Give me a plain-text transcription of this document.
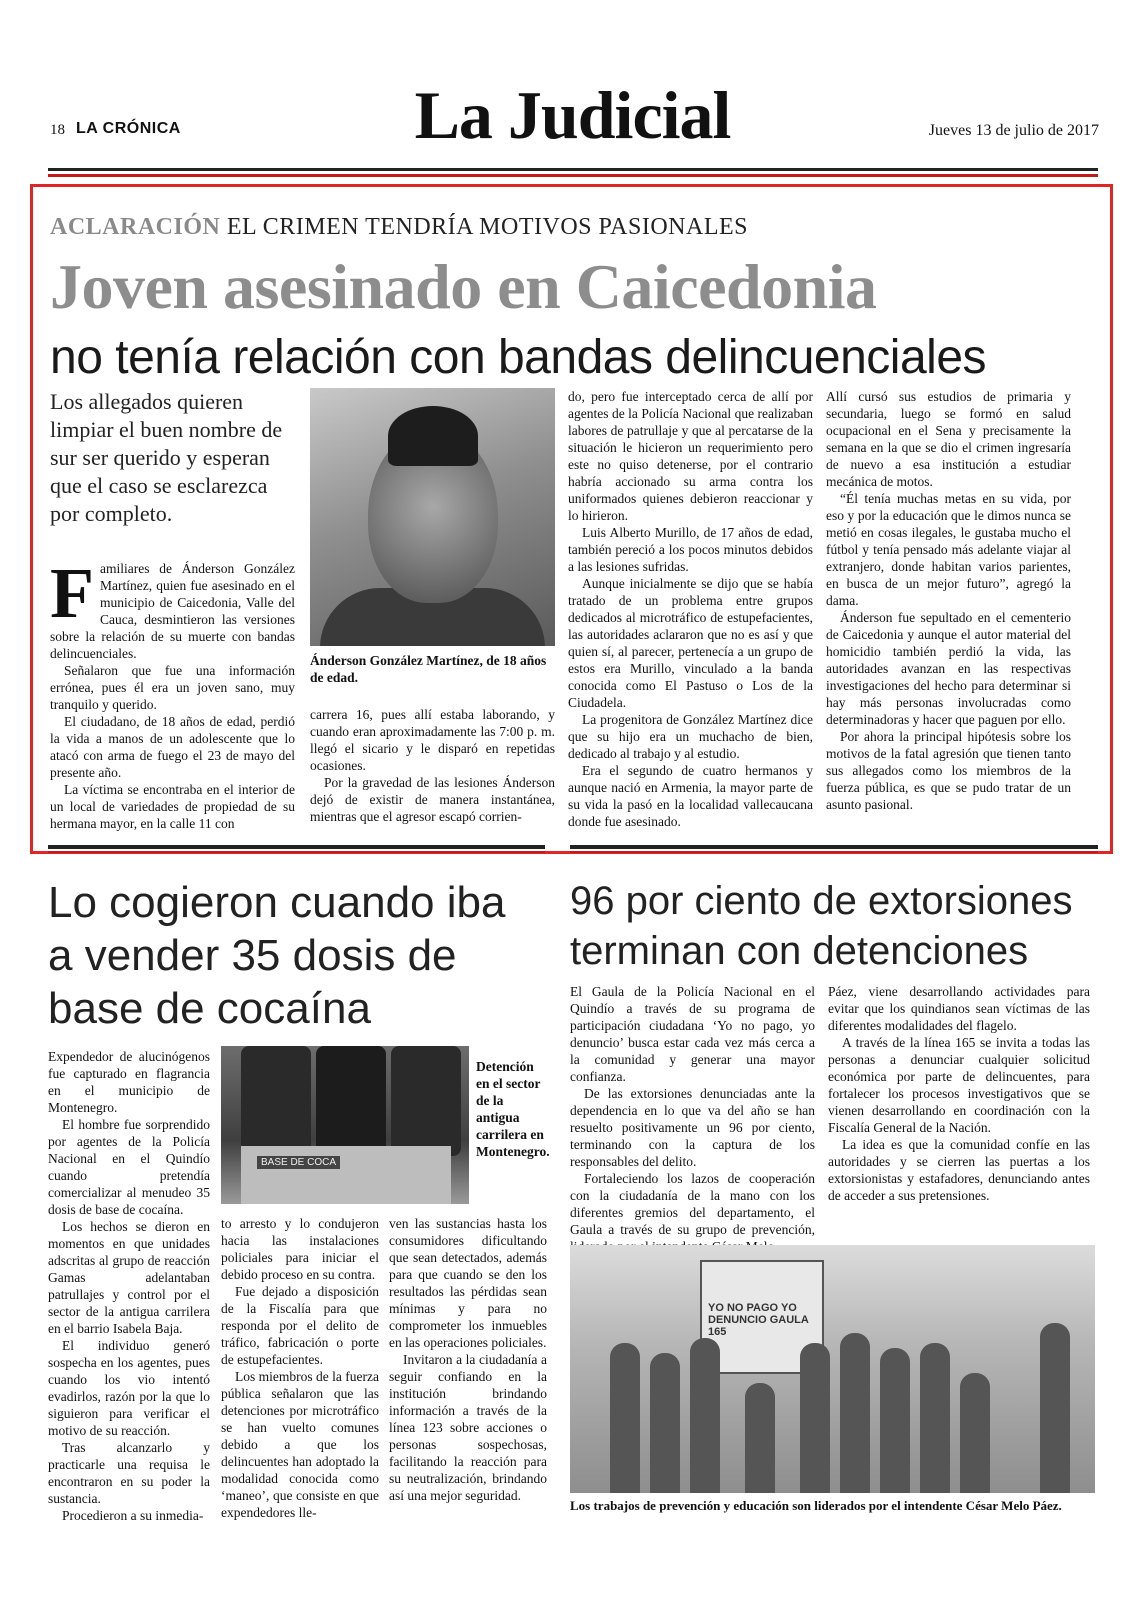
18 LA CRÓNICA	La Judicial	Jueves 13 de julio de 2017
ACLARACIÓN EL CRIMEN TENDRÍA MOTIVOS PASIONALES
Joven asesinado en Caicedonia
no tenía relación con bandas delincuenciales
Los allegados quieren limpiar el buen nombre de sur ser querido y esperan que el caso se esclarezca por completo.

Familiares de Ánderson González Martínez, quien fue asesinado en el municipio de Caicedonia, Valle del Cauca, desmintieron las versiones sobre la relación de su muerte con bandas delincuenciales.

Señalaron que fue una información errónea, pues él era un joven sano, muy tranquilo y querido.

El ciudadano, de 18 años de edad, perdió la vida a manos de un adolescente que lo atacó con arma de fuego el 23 de mayo del presente año.

La víctima se encontraba en el interior de un local de variedades de propiedad de su hermana mayor, en la calle 11 con

Ánderson González Martínez, de 18 años de edad.

carrera 16, pues allí estaba laborando, y cuando eran aproximadamente las 7:00 p. m. llegó el sicario y le disparó en repetidas ocasiones.

Por la gravedad de las lesiones Ánderson dejó de existir de manera instantánea, mientras que el agresor escapó corrien-

do, pero fue interceptado cerca de allí por agentes de la Policía Nacional que realizaban labores de patrullaje y que al percatarse de la situación le hicieron un requerimiento pero este no quiso detenerse, por el contrario habría accionado su arma contra los uniformados quienes debieron reaccionar y lo hirieron.

Luis Alberto Murillo, de 17 años de edad, también pereció a los pocos minutos debidos a las lesiones sufridas.

Aunque inicialmente se dijo que se había tratado de un problema entre grupos dedicados al microtráfico de estupefacientes, las autoridades aclararon que no es así y que quien sí, al parecer, pertenecía a un grupo de estos era Murillo, vinculado a la banda conocida como El Pastuso o Los de la Ciudadela.

La progenitora de González Martínez dice que su hijo era un muchacho de bien, dedicado al trabajo y al estudio.

Era el segundo de cuatro hermanos y aunque nació en Armenia, la mayor parte de su vida la pasó en la localidad vallecaucana donde fue asesinado.

Allí cursó sus estudios de primaria y secundaria, luego se formó en salud ocupacional en el Sena y precisamente la semana en la que se dio el crimen ingresaría de nuevo a esa institución a estudiar mecánica de motos.

“Él tenía muchas metas en su vida, por eso y por la educación que le dimos nunca se metió en cosas ilegales, le gustaba mucho el fútbol y tenía pensado más adelante viajar al extranjero, donde habitan varios parientes, en busca de un mejor futuro”, agregó la dama.

Ánderson fue sepultado en el cementerio de Caicedonia y aunque el autor material del homicidio también perdió la vida, las autoridades avanzan en las respectivas investigaciones del hecho para determinar si hay más personas involucradas como determinadoras y hacer que paguen por ello.

Por ahora la principal hipótesis sobre los motivos de la fatal agresión que tienen tanto sus allegados como los miembros de la fuerza pública, es que se pudo tratar de un asunto pasional.

Lo cogieron cuando iba a vender 35 dosis de base de cocaína

Expendedor de alucinógenos fue capturado en flagrancia en el municipio de Montenegro.

El hombre fue sorprendido por agentes de la Policía Nacional en el Quindío cuando pretendía comercializar al menudeo 35 dosis de base de cocaína.

Los hechos se dieron en momentos en que unidades adscritas al grupo de reacción Gamas adelantaban patrullajes y control por el sector de la antigua carrilera en el barrio Isabela Baja.

El individuo generó sospecha en los agentes, pues cuando los vio intentó evadirlos, razón por la que lo siguieron para verificar el motivo de su reacción.

Tras alcanzarlo y practicarle una requisa le encontraron en su poder la sustancia.

Procedieron a su inmedia-

BASE DE COCA
Detención en el sector de la antigua carrilera en Montenegro.

to arresto y lo condujeron hacia las instalaciones policiales para iniciar el debido proceso en su contra.

Fue dejado a disposición de la Fiscalía para que responda por el delito de tráfico, fabricación o porte de estupefacientes.

Los miembros de la fuerza pública señalaron que las detenciones por microtráfico se han vuelto comunes debido a que los delincuentes han adoptado la modalidad conocida como ‘maneo’, que consiste en que expendedores lle-

ven las sustancias hasta los consumidores dificultando que sean detectados, además para que cuando se den los resultados las pérdidas sean mínimas y para no comprometer los inmuebles en las operaciones policiales.

Invitaron a la ciudadanía a seguir confiando en la institución brindando información a través de la línea 123 sobre acciones o personas sospechosas, facilitando la reacción para su neutralización, brindando así una mejor seguridad.

96 por ciento de extorsiones terminan con detenciones

El Gaula de la Policía Nacional en el Quindío a través de su programa de participación ciudadana ‘Yo no pago, yo denuncio’ busca estar cada vez más cerca a la comunidad y generar una mayor confianza.

De las extorsiones denunciadas ante la dependencia en lo que va del año se han resuelto positivamente un 96 por ciento, terminando con la captura de los responsables del delito.

Fortaleciendo los lazos de cooperación con la ciudadanía de la mano con los diferentes gremios del departamento, el Gaula a través de su grupo de prevención,

Páez, viene desarrollando actividades para evitar que los quindianos sean víctimas de las diferentes modalidades del flagelo.

A través de la línea 165 se invita a todas las personas a denunciar cualquier solicitud económica por parte de delincuentes, para fortalecer los procesos investigativos que se vienen desarrollando en coordinación con la Fiscalía General de la Nación.

La idea es que la comunidad confíe en las autoridades y se cierren las puertas a los extorsionistas y estafadores, denunciando antes de acceder a sus pretensiones.

YO NO PAGO YO DENUNCIO GAULA 165
Los trabajos de prevención y educación son liderados por el intendente César Melo Páez.
